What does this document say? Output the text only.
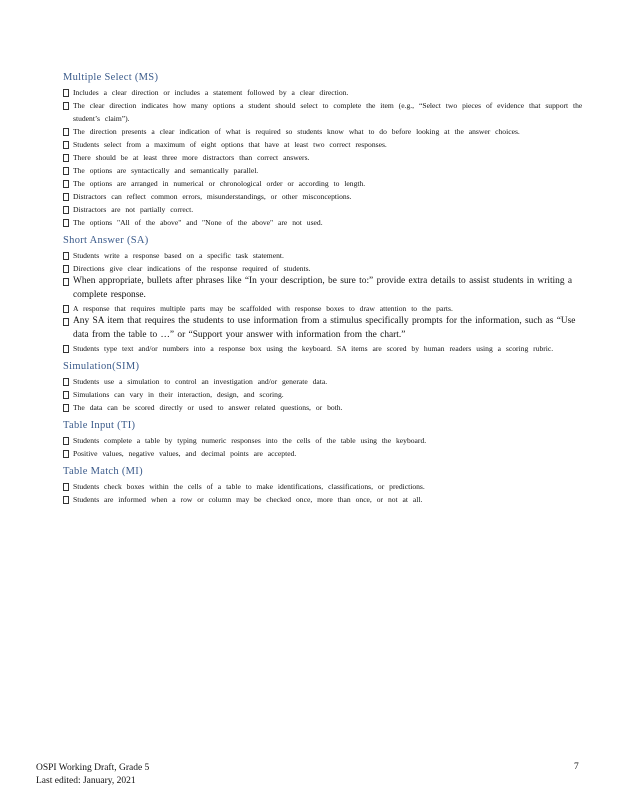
Multiple Select (MS)
Includes a clear direction or includes a statement followed by a clear direction.
The clear direction indicates how many options a student should select to complete the item (e.g., “Select two pieces of evidence that support the student’s claim”).
The direction presents a clear indication of what is required so students know what to do before looking at the answer choices.
Students select from a maximum of eight options that have at least two correct responses.
There should be at least three more distractors than correct answers.
The options are syntactically and semantically parallel.
The options are arranged in numerical or chronological order or according to length.
Distractors can reflect common errors, misunderstandings, or other misconceptions.
Distractors are not partially correct.
The options "All of the above" and "None of the above" are not used.
Short Answer (SA)
Students write a response based on a specific task statement.
Directions give clear indications of the response required of students.
When appropriate, bullets after phrases like “In your description, be sure to:” provide extra details to assist students in writing a complete response.
A response that requires multiple parts may be scaffolded with response boxes to draw attention to the parts.
Any SA item that requires the students to use information from a stimulus specifically prompts for the information, such as “Use data from the table to …” or “Support your answer with information from the chart.”
Students type text and/or numbers into a response box using the keyboard. SA items are scored by human readers using a scoring rubric.
Simulation(SIM)
Students use a simulation to control an investigation and/or generate data.
Simulations can vary in their interaction, design, and scoring.
The data can be scored directly or used to answer related questions, or both.
Table Input (TI)
Students complete a table by typing numeric responses into the cells of the table using the keyboard.
Positive values, negative values, and decimal points are accepted.
Table Match (MI)
Students check boxes within the cells of a table to make identifications, classifications, or predictions.
Students are informed when a row or column may be checked once, more than once, or not at all.
OSPI Working Draft, Grade 5
Last edited: January, 2021
7
